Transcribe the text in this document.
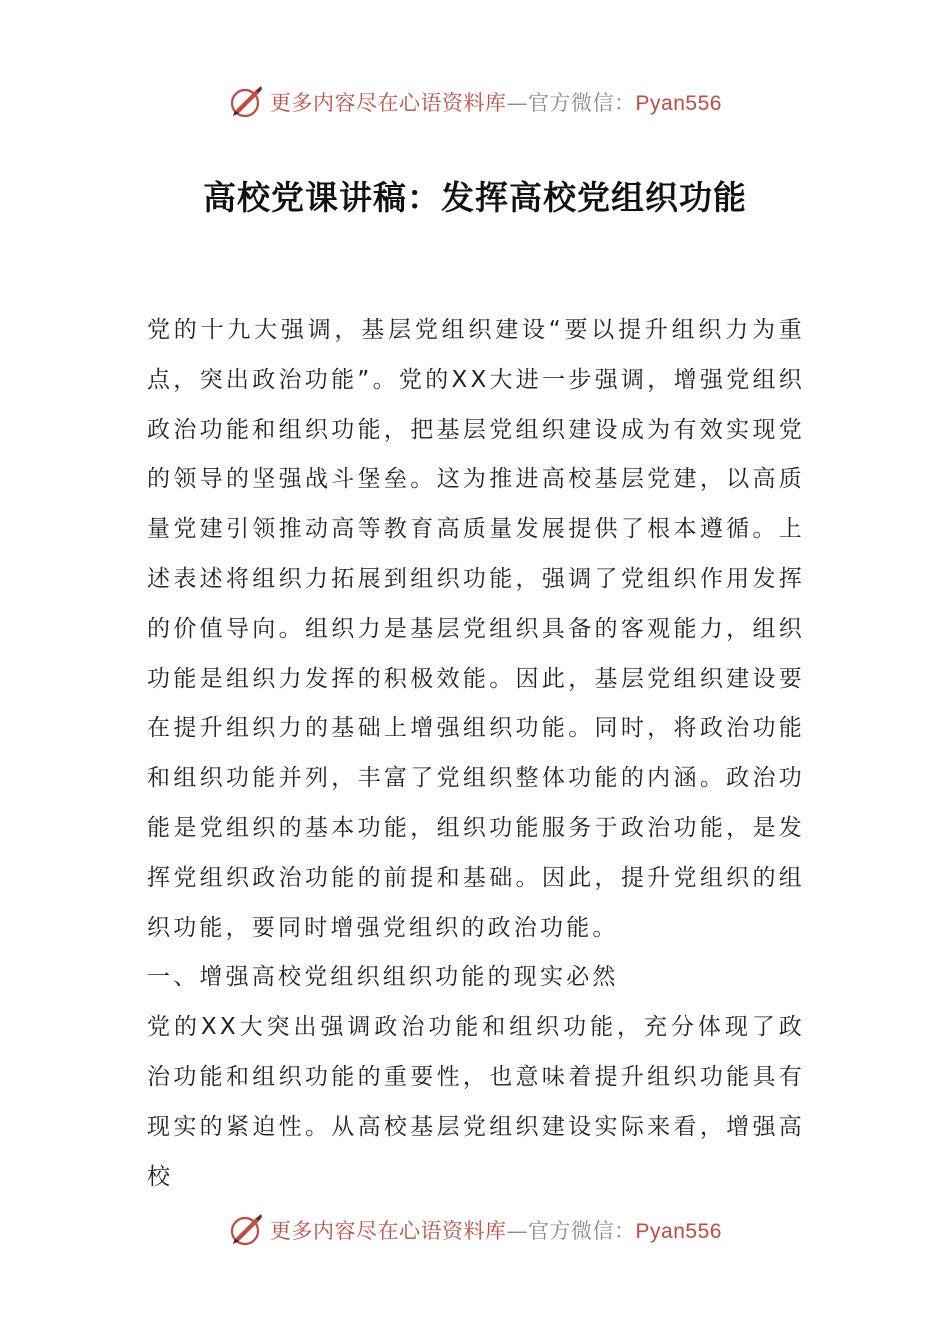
更多内容尽在心语资料库—官方微信：Pyan556
高校党课讲稿：发挥高校党组织功能

党的十九大强调，基层党组织建设“要以提升组织力为重点，突出政治功能”。党的XX大进一步强调，增强党组织政治功能和组织功能，把基层党组织建设成为有效实现党的领导的坚强战斗堡垒。这为推进高校基层党建，以高质量党建引领推动高等教育高质量发展提供了根本遵循。上述表述将组织力拓展到组织功能，强调了党组织作用发挥的价值导向。组织力是基层党组织具备的客观能力，组织功能是组织力发挥的积极效能。因此，基层党组织建设要在提升组织力的基础上增强组织功能。同时，将政治功能和组织功能并列，丰富了党组织整体功能的内涵。政治功能是党组织的基本功能，组织功能服务于政治功能，是发挥党组织政治功能的前提和基础。因此，提升党组织的组织功能，要同时增强党组织的政治功能。

一、增强高校党组织组织功能的现实必然

党的XX大突出强调政治功能和组织功能，充分体现了政治功能和组织功能的重要性，也意味着提升组织功能具有现实的紧迫性。从高校基层党组织建设实际来看，增强高校

更多内容尽在心语资料库—官方微信：Pyan556
